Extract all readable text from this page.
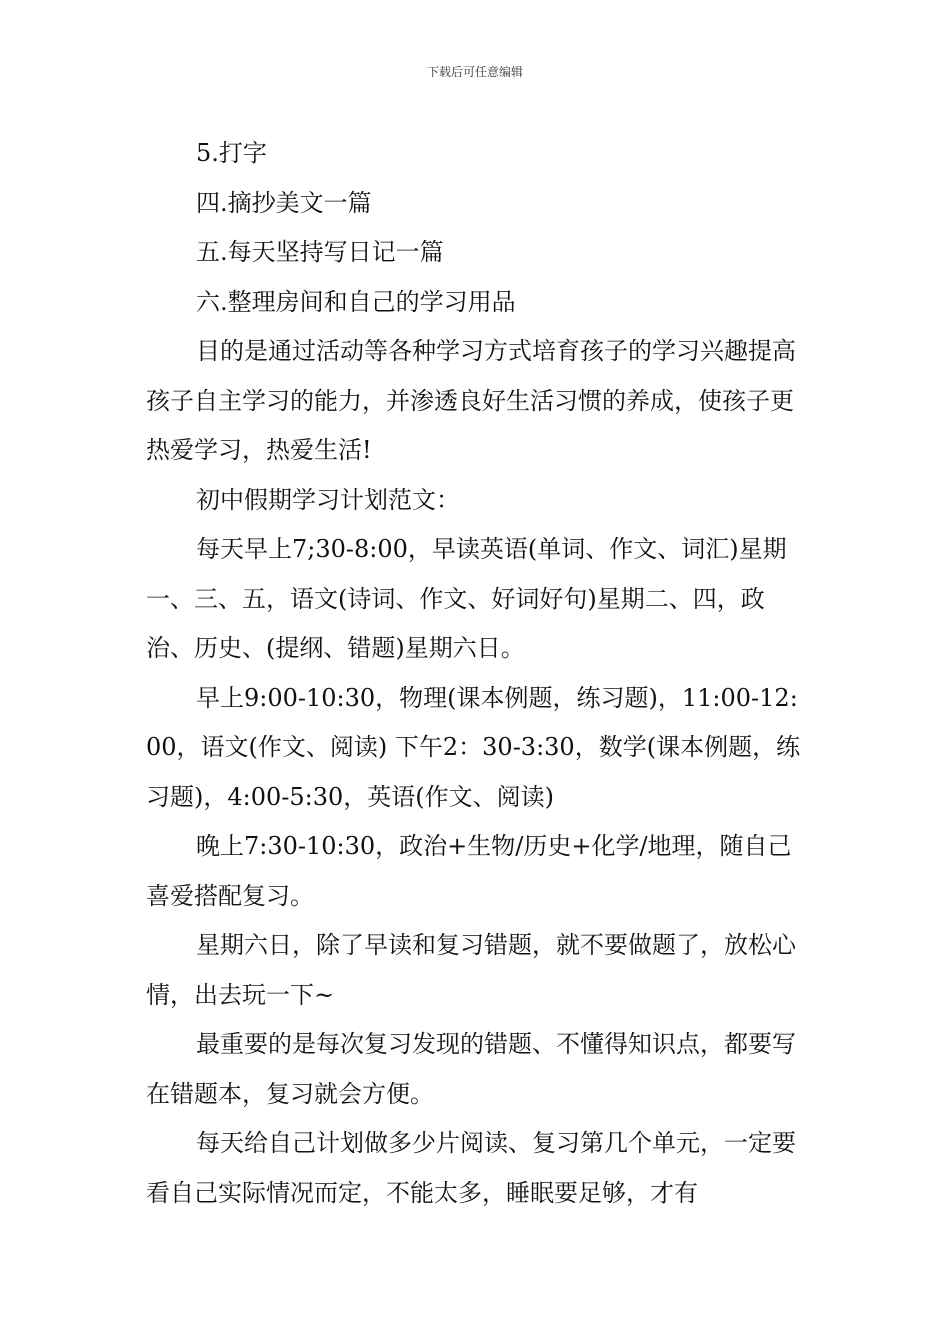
下载后可任意编辑

5.打字

四.摘抄美文一篇

五.每天坚持写日记一篇

六.整理房间和自己的学习用品

目的是通过活动等各种学习方式培育孩子的学习兴趣提高孩子自主学习的能力，并渗透良好生活习惯的养成，使孩子更热爱学习，热爱生活!

初中假期学习计划范文：

每天早上7;30-8:00，早读英语(单词、作文、词汇)星期一、三、五，语文(诗词、作文、好词好句)星期二、四，政治、历史、(提纲、错题)星期六日。

早上9:00-10:30，物理(课本例题，练习题)，11:00-12:00，语文(作文、阅读) 下午2：30-3:30，数学(课本例题，练习题)，4:00-5:30，英语(作文、阅读)

晚上7:30-10:30，政治+生物/历史+化学/地理，随自己喜爱搭配复习。

星期六日，除了早读和复习错题，就不要做题了，放松心情，出去玩一下~

最重要的是每次复习发现的错题、不懂得知识点，都要写在错题本，复习就会方便。

每天给自己计划做多少片阅读、复习第几个单元，一定要看自己实际情况而定，不能太多，睡眠要足够，才有
